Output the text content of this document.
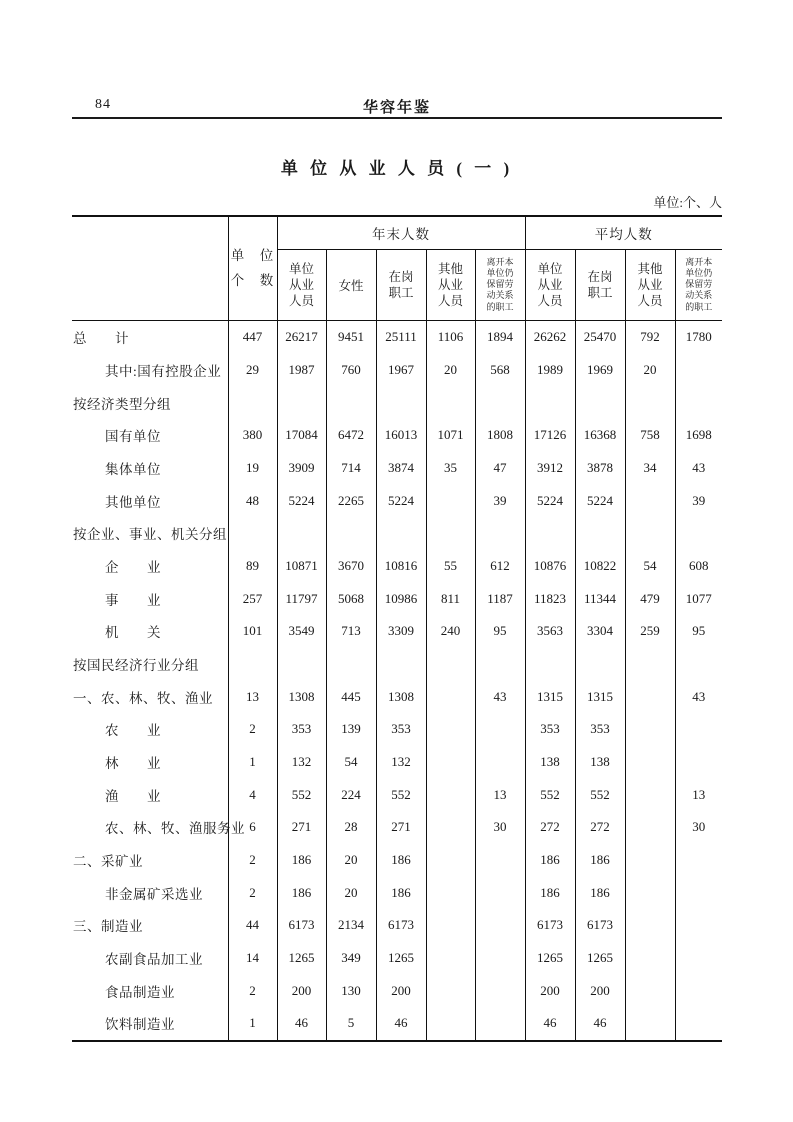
84	华容年鉴
单 位 从 业 人 员 ( 一 )
单位:个、人

	单　位
个　数	年末人数					平均人数			
		单位从业人员	女性	在岗职工	其他从业人员	离开本单位仍保留劳动关系的职工	单位从业人员	在岗职工	其他从业人员	离开本单位仍保留劳动关系的职工
总　　计	447	26217	9451	25111	1106	1894	26262	25470	792	1780
其中:国有控股企业	29	1987	760	1967	20	568	1989	1969	20	
按经济类型分组										
国有单位	380	17084	6472	16013	1071	1808	17126	16368	758	1698
集体单位	19	3909	714	3874	35	47	3912	3878	34	43
其他单位	48	5224	2265	5224		39	5224	5224		39
按企业、事业、机关分组										
企　　业	89	10871	3670	10816	55	612	10876	10822	54	608
事　　业	257	11797	5068	10986	811	1187	11823	11344	479	1077
机　　关	101	3549	713	3309	240	95	3563	3304	259	95
按国民经济行业分组										
一、农、林、牧、渔业	13	1308	445	1308		43	1315	1315		43
农　　业	2	353	139	353			353	353		
林　　业	1	132	54	132			138	138		
渔　　业	4	552	224	552		13	552	552		13
农、林、牧、渔服务业	6	271	28	271		30	272	272		30
二、采矿业	2	186	20	186			186	186		
非金属矿采选业	2	186	20	186			186	186		
三、制造业	44	6173	2134	6173			6173	6173		
农副食品加工业	14	1265	349	1265			1265	1265		
食品制造业	2	200	130	200			200	200		
饮料制造业	1	46	5	46			46	46		
